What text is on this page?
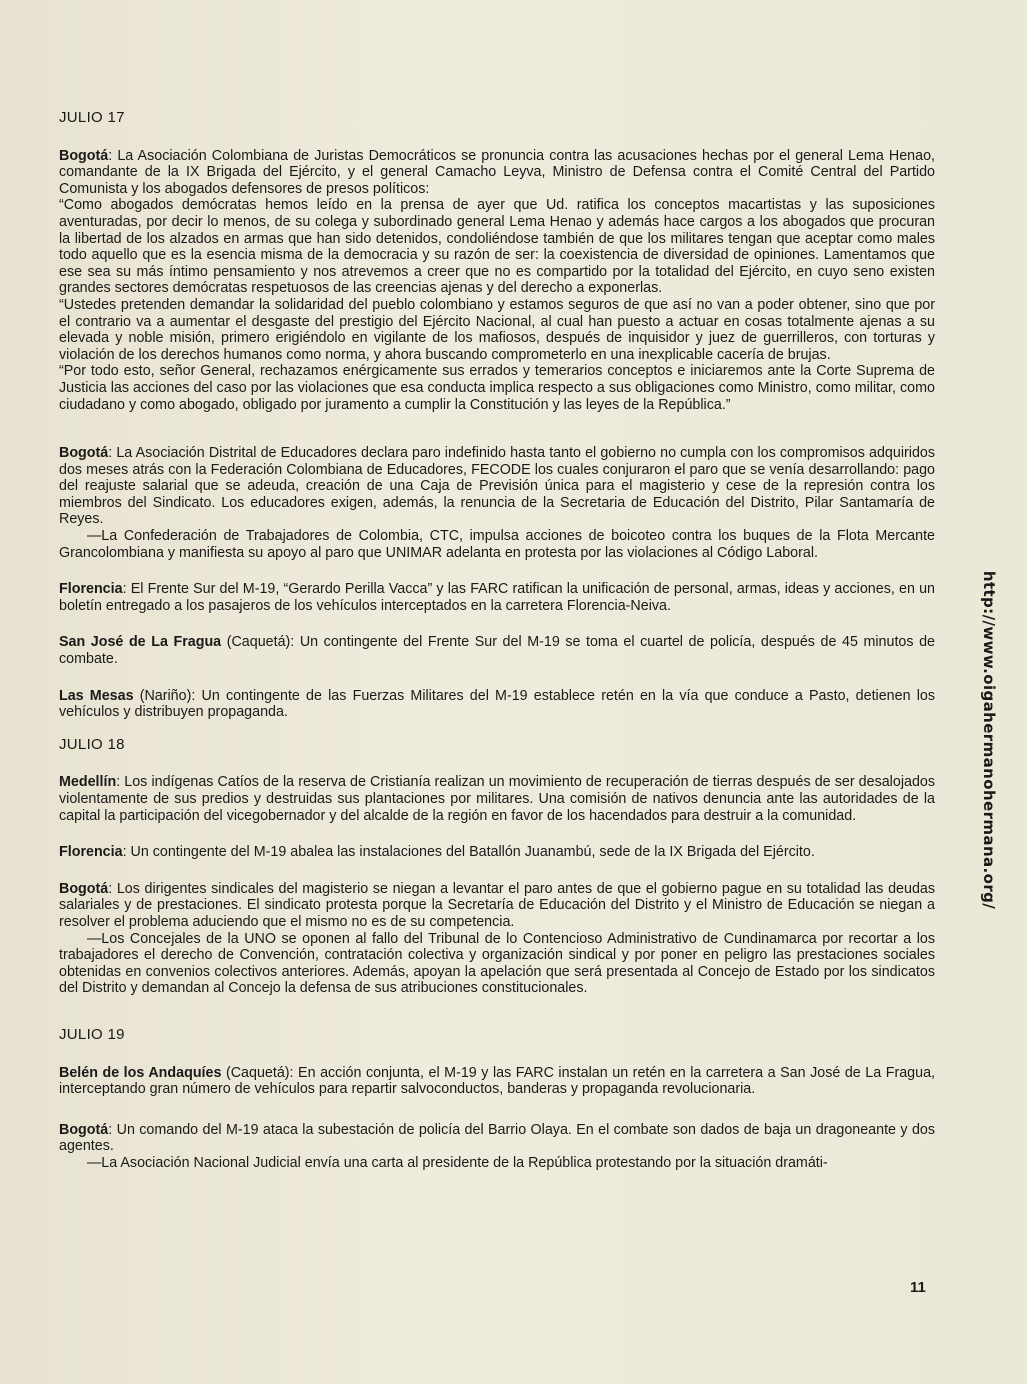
JULIO 17

Bogotá: La Asociación Colombiana de Juristas Democráticos se pronuncia contra las acusaciones hechas por el general Lema Henao, comandante de la IX Brigada del Ejército, y el general Camacho Leyva, Ministro de Defensa contra el Comité Central del Partido Comunista y los abogados defensores de presos políticos:

“Como abogados demócratas hemos leído en la prensa de ayer que Ud. ratifica los conceptos macartistas y las suposiciones aventuradas, por decir lo menos, de su colega y subordinado general Lema Henao y además hace cargos a los abogados que procuran la libertad de los alzados en armas que han sido detenidos, condoliéndose también de que los militares tengan que aceptar como males todo aquello que es la esencia misma de la democracia y su razón de ser: la coexistencia de diversidad de opiniones. Lamentamos que ese sea su más íntimo pensamiento y nos atrevemos a creer que no es compartido por la totalidad del Ejército, en cuyo seno existen grandes sectores demócratas respetuosos de las creencias ajenas y del derecho a exponerlas.

“Ustedes pretenden demandar la solidaridad del pueblo colombiano y estamos seguros de que así no van a poder obtener, sino que por el contrario va a aumentar el desgaste del prestigio del Ejército Nacional, al cual han puesto a actuar en cosas totalmente ajenas a su elevada y noble misión, primero erigiéndolo en vigilante de los mafiosos, después de inquisidor y juez de guerrilleros, con torturas y violación de los derechos humanos como norma, y ahora buscando comprometerlo en una inexplicable cacería de brujas.

“Por todo esto, señor General, rechazamos enérgicamente sus errados y temerarios conceptos e iniciaremos ante la Corte Suprema de Justicia las acciones del caso por las violaciones que esa conducta implica respecto a sus obligaciones como Ministro, como militar, como ciudadano y como abogado, obligado por juramento a cumplir la Constitución y las leyes de la República.”

Bogotá: La Asociación Distrital de Educadores declara paro indefinido hasta tanto el gobierno no cumpla con los compromisos adquiridos dos meses atrás con la Federación Colombiana de Educadores, FECODE los cuales conjuraron el paro que se venía desarrollando: pago del reajuste salarial que se adeuda, creación de una Caja de Previsión única para el magisterio y cese de la represión contra los miembros del Sindicato. Los educadores exigen, además, la renuncia de la Secretaria de Educación del Distrito, Pilar Santamaría de Reyes.

—La Confederación de Trabajadores de Colombia, CTC, impulsa acciones de boicoteo contra los buques de la Flota Mercante Grancolombiana y manifiesta su apoyo al paro que UNIMAR adelanta en protesta por las violaciones al Código Laboral.

Florencia: El Frente Sur del M-19, “Gerardo Perilla Vacca” y las FARC ratifican la unificación de personal, armas, ideas y acciones, en un boletín entregado a los pasajeros de los vehículos interceptados en la carretera Florencia-Neiva.

San José de La Fragua (Caquetá): Un contingente del Frente Sur del M-19 se toma el cuartel de policía, después de 45 minutos de combate.

Las Mesas (Nariño): Un contingente de las Fuerzas Militares del M-19 establece retén en la vía que conduce a Pasto, detienen los vehículos y distribuyen propaganda.

JULIO 18

Medellín: Los indígenas Catíos de la reserva de Cristianía realizan un movimiento de recuperación de tierras después de ser desalojados violentamente de sus predios y destruidas sus plantaciones por militares. Una comisión de nativos denuncia ante las autoridades de la capital la participación del vicegobernador y del alcalde de la región en favor de los hacendados para destruir a la comunidad.

Florencia: Un contingente del M-19 abalea las instalaciones del Batallón Juanambú, sede de la IX Brigada del Ejército.

Bogotá: Los dirigentes sindicales del magisterio se niegan a levantar el paro antes de que el gobierno pague en su totalidad las deudas salariales y de prestaciones. El sindicato protesta porque la Secretaría de Educación del Distrito y el Ministro de Educación se niegan a resolver el problema aduciendo que el mismo no es de su competencia.

—Los Concejales de la UNO se oponen al fallo del Tribunal de lo Contencioso Administrativo de Cundinamarca por recortar a los trabajadores el derecho de Convención, contratación colectiva y organización sindical y por poner en peligro las prestaciones sociales obtenidas en convenios colectivos anteriores. Además, apoyan la apelación que será presentada al Concejo de Estado por los sindicatos del Distrito y demandan al Concejo la defensa de sus atribuciones constitucionales.

JULIO 19

Belén de los Andaquíes (Caquetá): En acción conjunta, el M-19 y las FARC instalan un retén en la carretera a San José de La Fragua, interceptando gran número de vehículos para repartir salvoconductos, banderas y propaganda revolucionaria.

Bogotá: Un comando del M-19 ataca la subestación de policía del Barrio Olaya. En el combate son dados de baja un dragoneante y dos agentes.

—La Asociación Nacional Judicial envía una carta al presidente de la República protestando por la situación dramáti-

11
http://www.oigahermanohermana.org/
